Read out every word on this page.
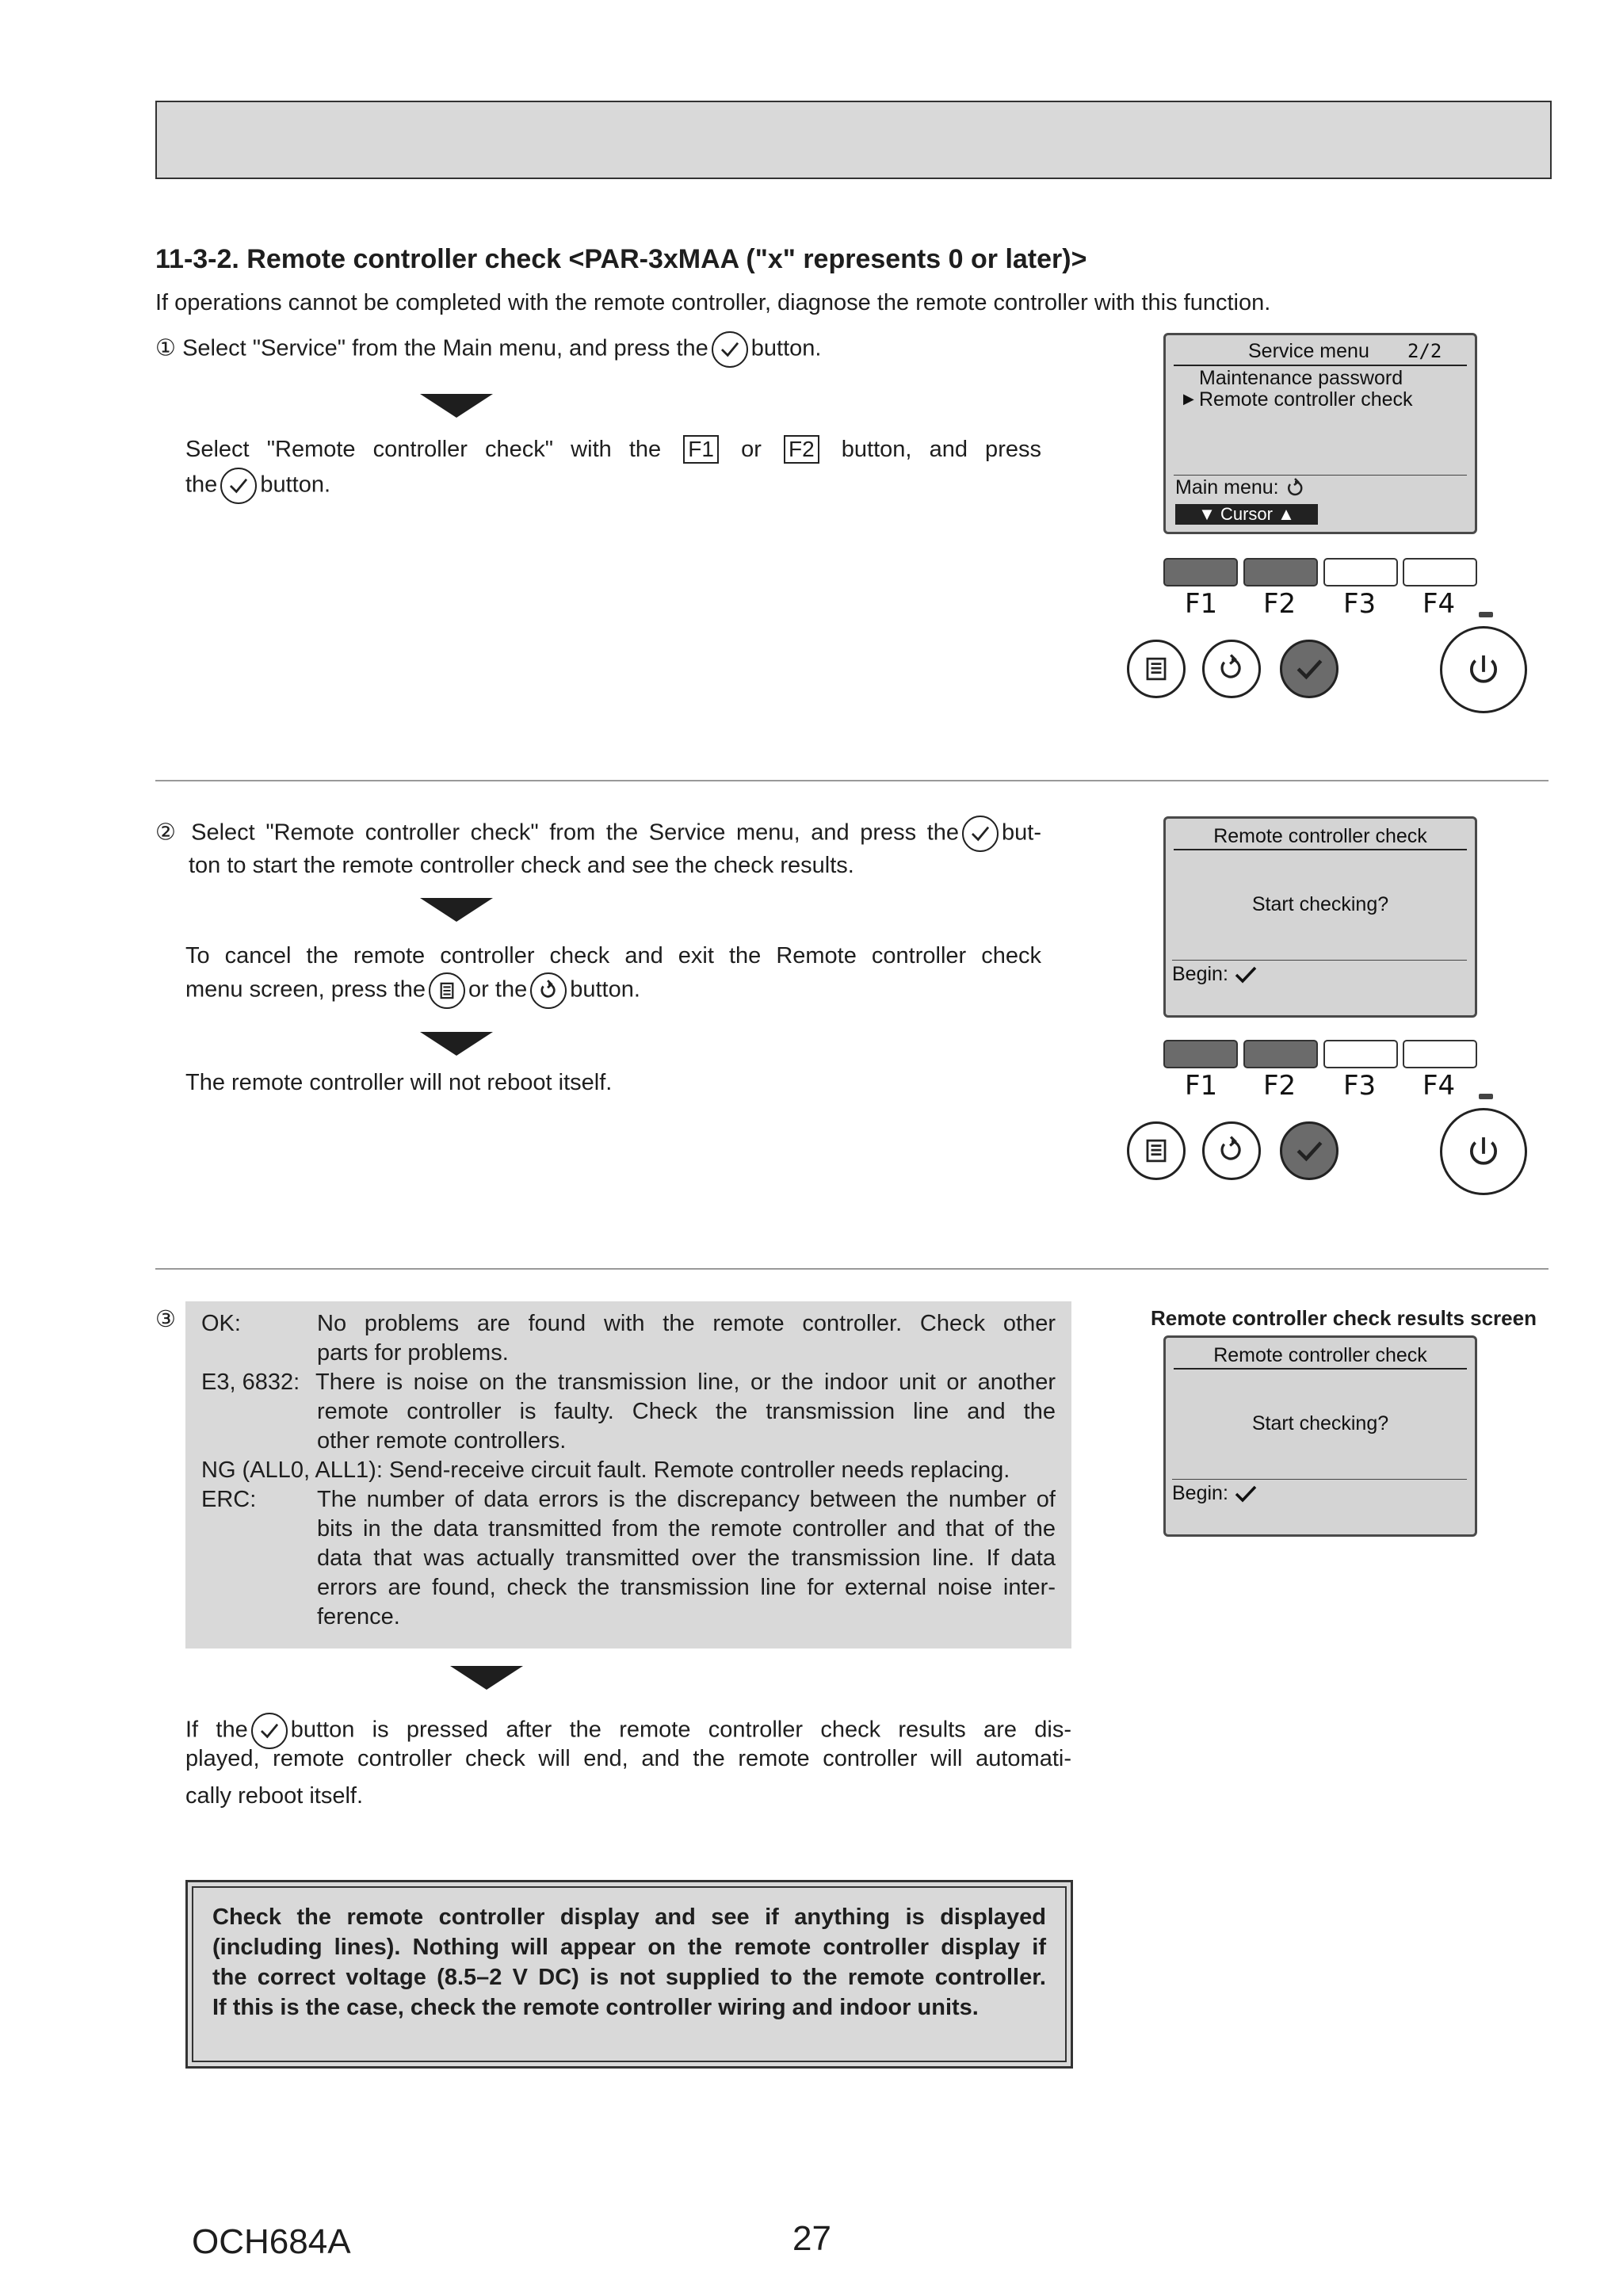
11-3-2. Remote controller check <PAR-3xMAA ("x" represents 0 or later)>
If operations cannot be completed with the remote controller, diagnose the remote controller with this function.
① Select "Service" from the Main menu, and press the button.
Select "Remote controller check" with the F1 or F2 button, and press
the button.
Service menu 2/2
Maintenance password
▶ Remote controller check
Main menu:
▼ Cursor ▲
F1 F2 F3 F4
② Select "Remote controller check" from the Service menu, and press the but-
ton to start the remote controller check and see the check results.
To cancel the remote controller check and exit the Remote controller check
menu screen, press the or the button.
The remote controller will not reboot itself.
Remote controller check
Start checking?
Begin:
F1 F2 F3 F4
③ OK:	No problems are found with the remote controller. Check other
parts for problems.
E3, 6832: There is noise on the transmission line, or the indoor unit or another
remote controller is faulty. Check the transmission line and the
other remote controllers.
NG (ALL0, ALL1): Send-receive circuit fault. Remote controller needs replacing.
ERC:	The number of data errors is the discrepancy between the number of
bits in the data transmitted from the remote controller and that of the
data that was actually transmitted over the transmission line. If data
errors are found, check the transmission line for external noise inter-
ference.
Remote controller check results screen
Remote controller check
Start checking?
Begin:
If the button is pressed after the remote controller check results are dis-
played, remote controller check will end, and the remote controller will automati-
cally reboot itself.
Check the remote controller display and see if anything is displayed
(including lines). Nothing will appear on the remote controller display if
the correct voltage (8.5–2 V DC) is not supplied to the remote controller.
If this is the case, check the remote controller wiring and indoor units.
OCH684A	27
